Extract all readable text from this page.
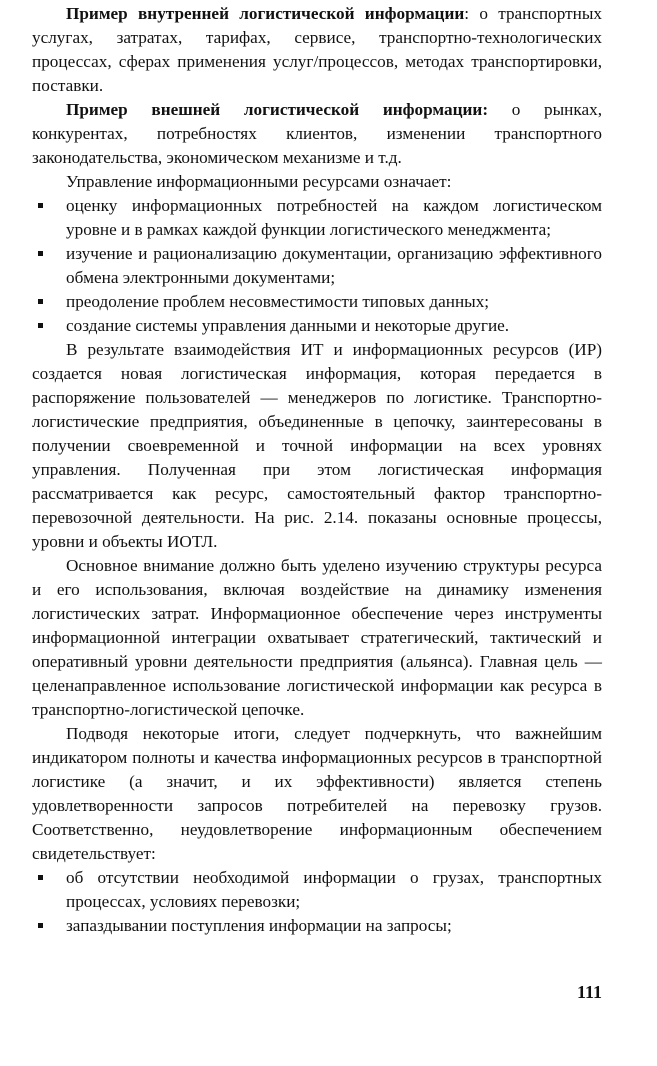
Пример внутренней логистической информации: о транспортных услугах, затратах, тарифах, сервисе, транспортно-технологических процессах, сферах применения услуг/процессов, методах транспортировки, поставки.

Пример внешней логистической информации: о рынках, конкурентах, потребностях клиентов, изменении транспортного законодательства, экономическом механизме и т.д.

Управление информационными ресурсами означает:

оценку информационных потребностей на каждом логистическом уровне и в рамках каждой функции логистического менеджмента;
изучение и рационализацию документации, организацию эффективного обмена электронными документами;
преодоление проблем несовместимости типовых данных;
создание системы управления данными и некоторые другие.

В результате взаимодействия ИТ и информационных ресурсов (ИР) создается новая логистическая информация, которая передается в распоряжение пользователей — менеджеров по логистике. Транспортно-логистические предприятия, объединенные в цепочку, заинтересованы в получении своевременной и точной информации на всех уровнях управления. Полученная при этом логистическая информация рассматривается как ресурс, самостоятельный фактор транспортно-перевозочной деятельности. На рис. 2.14. показаны основные процессы, уровни и объекты ИОТЛ.

Основное внимание должно быть уделено изучению структуры ресурса и его использования, включая воздействие на динамику изменения логистических затрат. Информационное обеспечение через инструменты информационной интеграции охватывает стратегический, тактический и оперативный уровни деятельности предприятия (альянса). Главная цель — целенаправленное использование логистической информации как ресурса в транспортно-логистической цепочке.

Подводя некоторые итоги, следует подчеркнуть, что важнейшим индикатором полноты и качества информационных ресурсов в транспортной логистике (а значит, и их эффективности) является степень удовлетворенности запросов потребителей на перевозку грузов. Соответственно, неудовлетворение информационным обеспечением свидетельствует:

об отсутствии необходимой информации о грузах, транспортных процессах, условиях перевозки;
запаздывании поступления информации на запросы;
111
